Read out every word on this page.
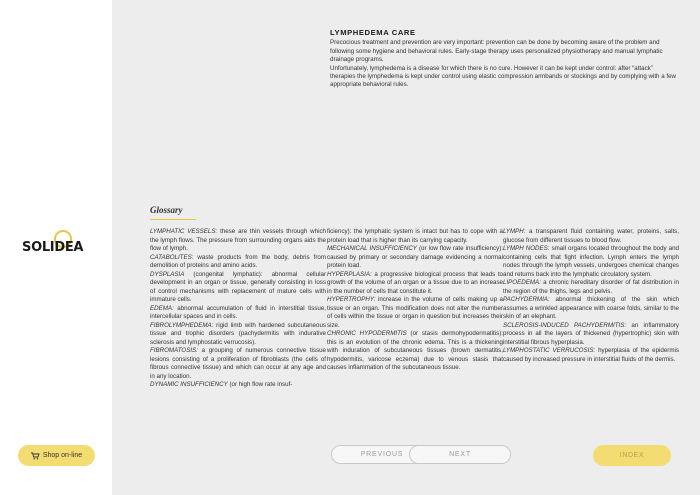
SOLIDEA
Shop on-line
LYMPHEDEMA CARE

Precocious treatment and prevention are very important: prevention can be done by becoming aware of the problem and following some hygiene and behavioral rules. Early-stage therapy uses personalized physiotherapy and manual lymphatic drainage programs.

Unfortunately, lymphedema is a disease for which there is no cure. However it can be kept under control: after “attack” therapies the lymphedema is kept under control using elastic compression armbands or stockings and by complying with a few appropriate behavioral rules.

Glossary
LYMPHATIC VESSELS: these are thin vessels through which the lymph flows. The pressure from surrounding organs aids the flow of lymph.
CATABOLITES: waste products from the body, debris from demolition of proteins and amino acids.
DYSPLASIA (congenital lymphatic): abnormal cellular development in an organ or tissue, generally consisting in loss of control mechanisms with replacement of mature cells with immature cells.
EDEMA: abnormal accumulation of fluid in interstitial tissue, intercellular spaces and in cells.
FIBROLYMPHEDEMA: rigid limb with hardened subcutaneous tissue and trophic disorders (pachydermitis with indurative sclerosis and lymphostatic verrucosis).
FIBROMATOSIS: a grouping of numerous connective tissue lesions consisting of a proliferation of fibroblasts (the cells of fibrous connective tissue) and which can occur at any age and in any location.
DYNAMIC INSUFFICIENCY (or high flow rate insuf-
ficiency): the lymphatic system is intact but has to cope with a protein load that is higher than its carrying capacity.
MECHANICAL INSUFFICIENCY (or low flow rate insufficiency): caused by primary or secondary damage evidencing a normal protein load.
HYPERPLASIA: a progressive biological process that leads to growth of the volume of an organ or a tissue due to an increase in the number of cells that constitute it.
HYPERTROPHY: increase in the volume of cells making up a tissue or an organ. This modification does not alter the number of cells within the tissue or organ in question but increases their size.
CHRONIC HYPODERMITIS (or stasis dermohypodermatitis): this is an evolution of the chronic edema. This is a thickening with induration of subcutaneous tissues (brown dermatitis, hypodermitis, varicose eczema) due to venous stasis that causes inflammation of the subcutaneous tissue.
LYMPH: a transparent fluid containing water, proteins, salts, glucose from different tissues to blood flow.
LYMPH NODES: small organs located throughout the body and containing cells that fight infection. Lymph enters the lymph nodes through the lymph vessels, undergoes chemical changes and returns back into the lymphatic circulatory system.
LIPOEDEMA: a chronic hereditary disorder of fat distribution in the region of the thighs, legs and pelvis.
PACHYDERMIA: abnormal thickening of the skin which assumes a wrinkled appearance with coarse folds, similar to the skin of an elephant.
SCLEROSIS-INDUCED PACHYDERMITIS: an inflammatory process in all the layers of thickened (hypertrophic) skin with interstitial fibrous hyperplasia.
LYMPHOSTATIC VERRUCOSIS: hyperplasia of the epidermis caused by increased pressure in interstitial fluids of the dermis.
PREVIOUS	NEXT	INDEX
